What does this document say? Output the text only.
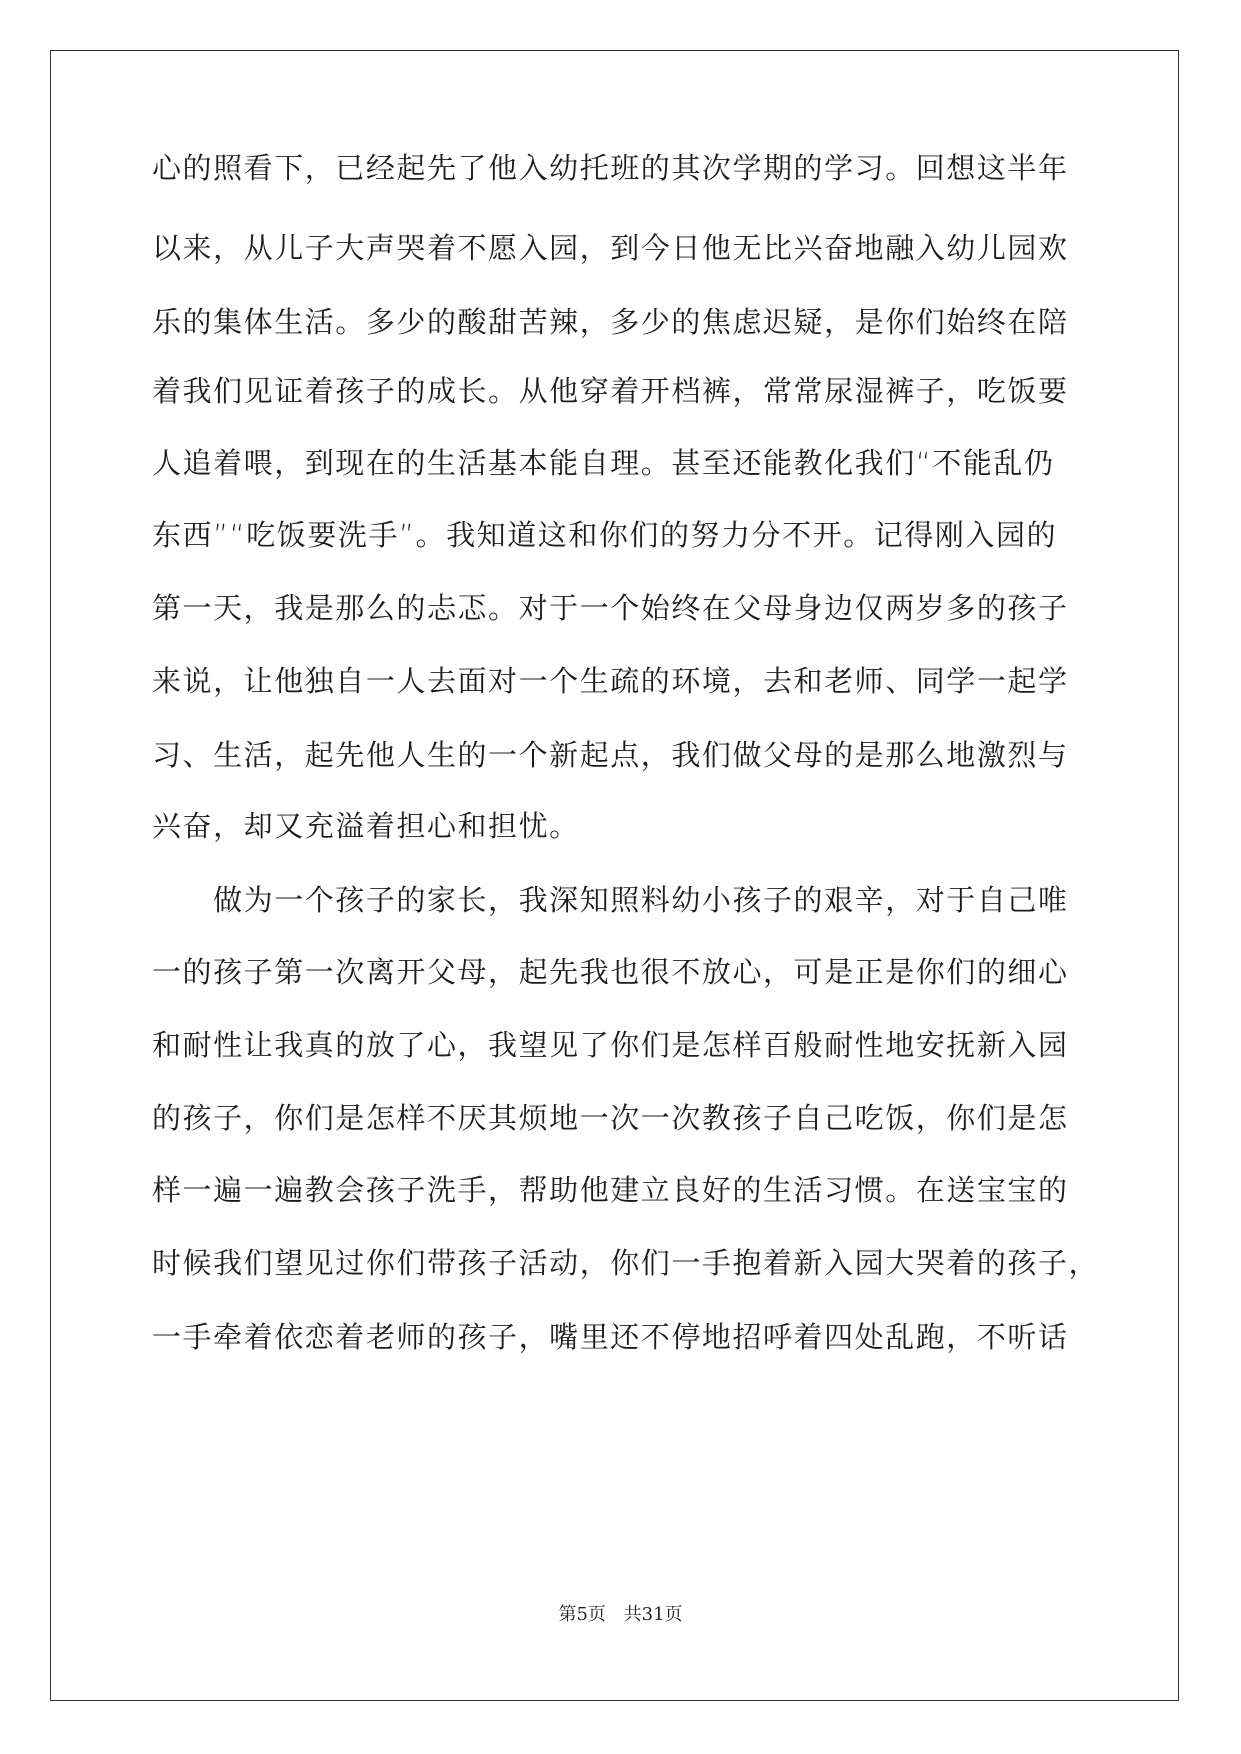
心的照看下，已经起先了他入幼托班的其次学期的学习。回想这半年
以来，从儿子大声哭着不愿入园，到今日他无比兴奋地融入幼儿园欢
乐的集体生活。多少的酸甜苦辣，多少的焦虑迟疑，是你们始终在陪
着我们见证着孩子的成长。从他穿着开档裤，常常尿湿裤子，吃饭要
人追着喂，到现在的生活基本能自理。甚至还能教化我们“不能乱仍
东西”“吃饭要洗手”。我知道这和你们的努力分不开。记得刚入园的
第一天，我是那么的忐忑。对于一个始终在父母身边仅两岁多的孩子
来说，让他独自一人去面对一个生疏的环境，去和老师、同学一起学
习、生活，起先他人生的一个新起点，我们做父母的是那么地激烈与
兴奋，却又充溢着担心和担忧。
　　做为一个孩子的家长，我深知照料幼小孩子的艰辛，对于自己唯
一的孩子第一次离开父母，起先我也很不放心，可是正是你们的细心
和耐性让我真的放了心，我望见了你们是怎样百般耐性地安抚新入园
的孩子，你们是怎样不厌其烦地一次一次教孩子自己吃饭，你们是怎
样一遍一遍教会孩子洗手，帮助他建立良好的生活习惯。在送宝宝的
时候我们望见过你们带孩子活动，你们一手抱着新入园大哭着的孩子，
一手牵着依恋着老师的孩子，嘴里还不停地招呼着四处乱跑，不听话
第5页 共31页
